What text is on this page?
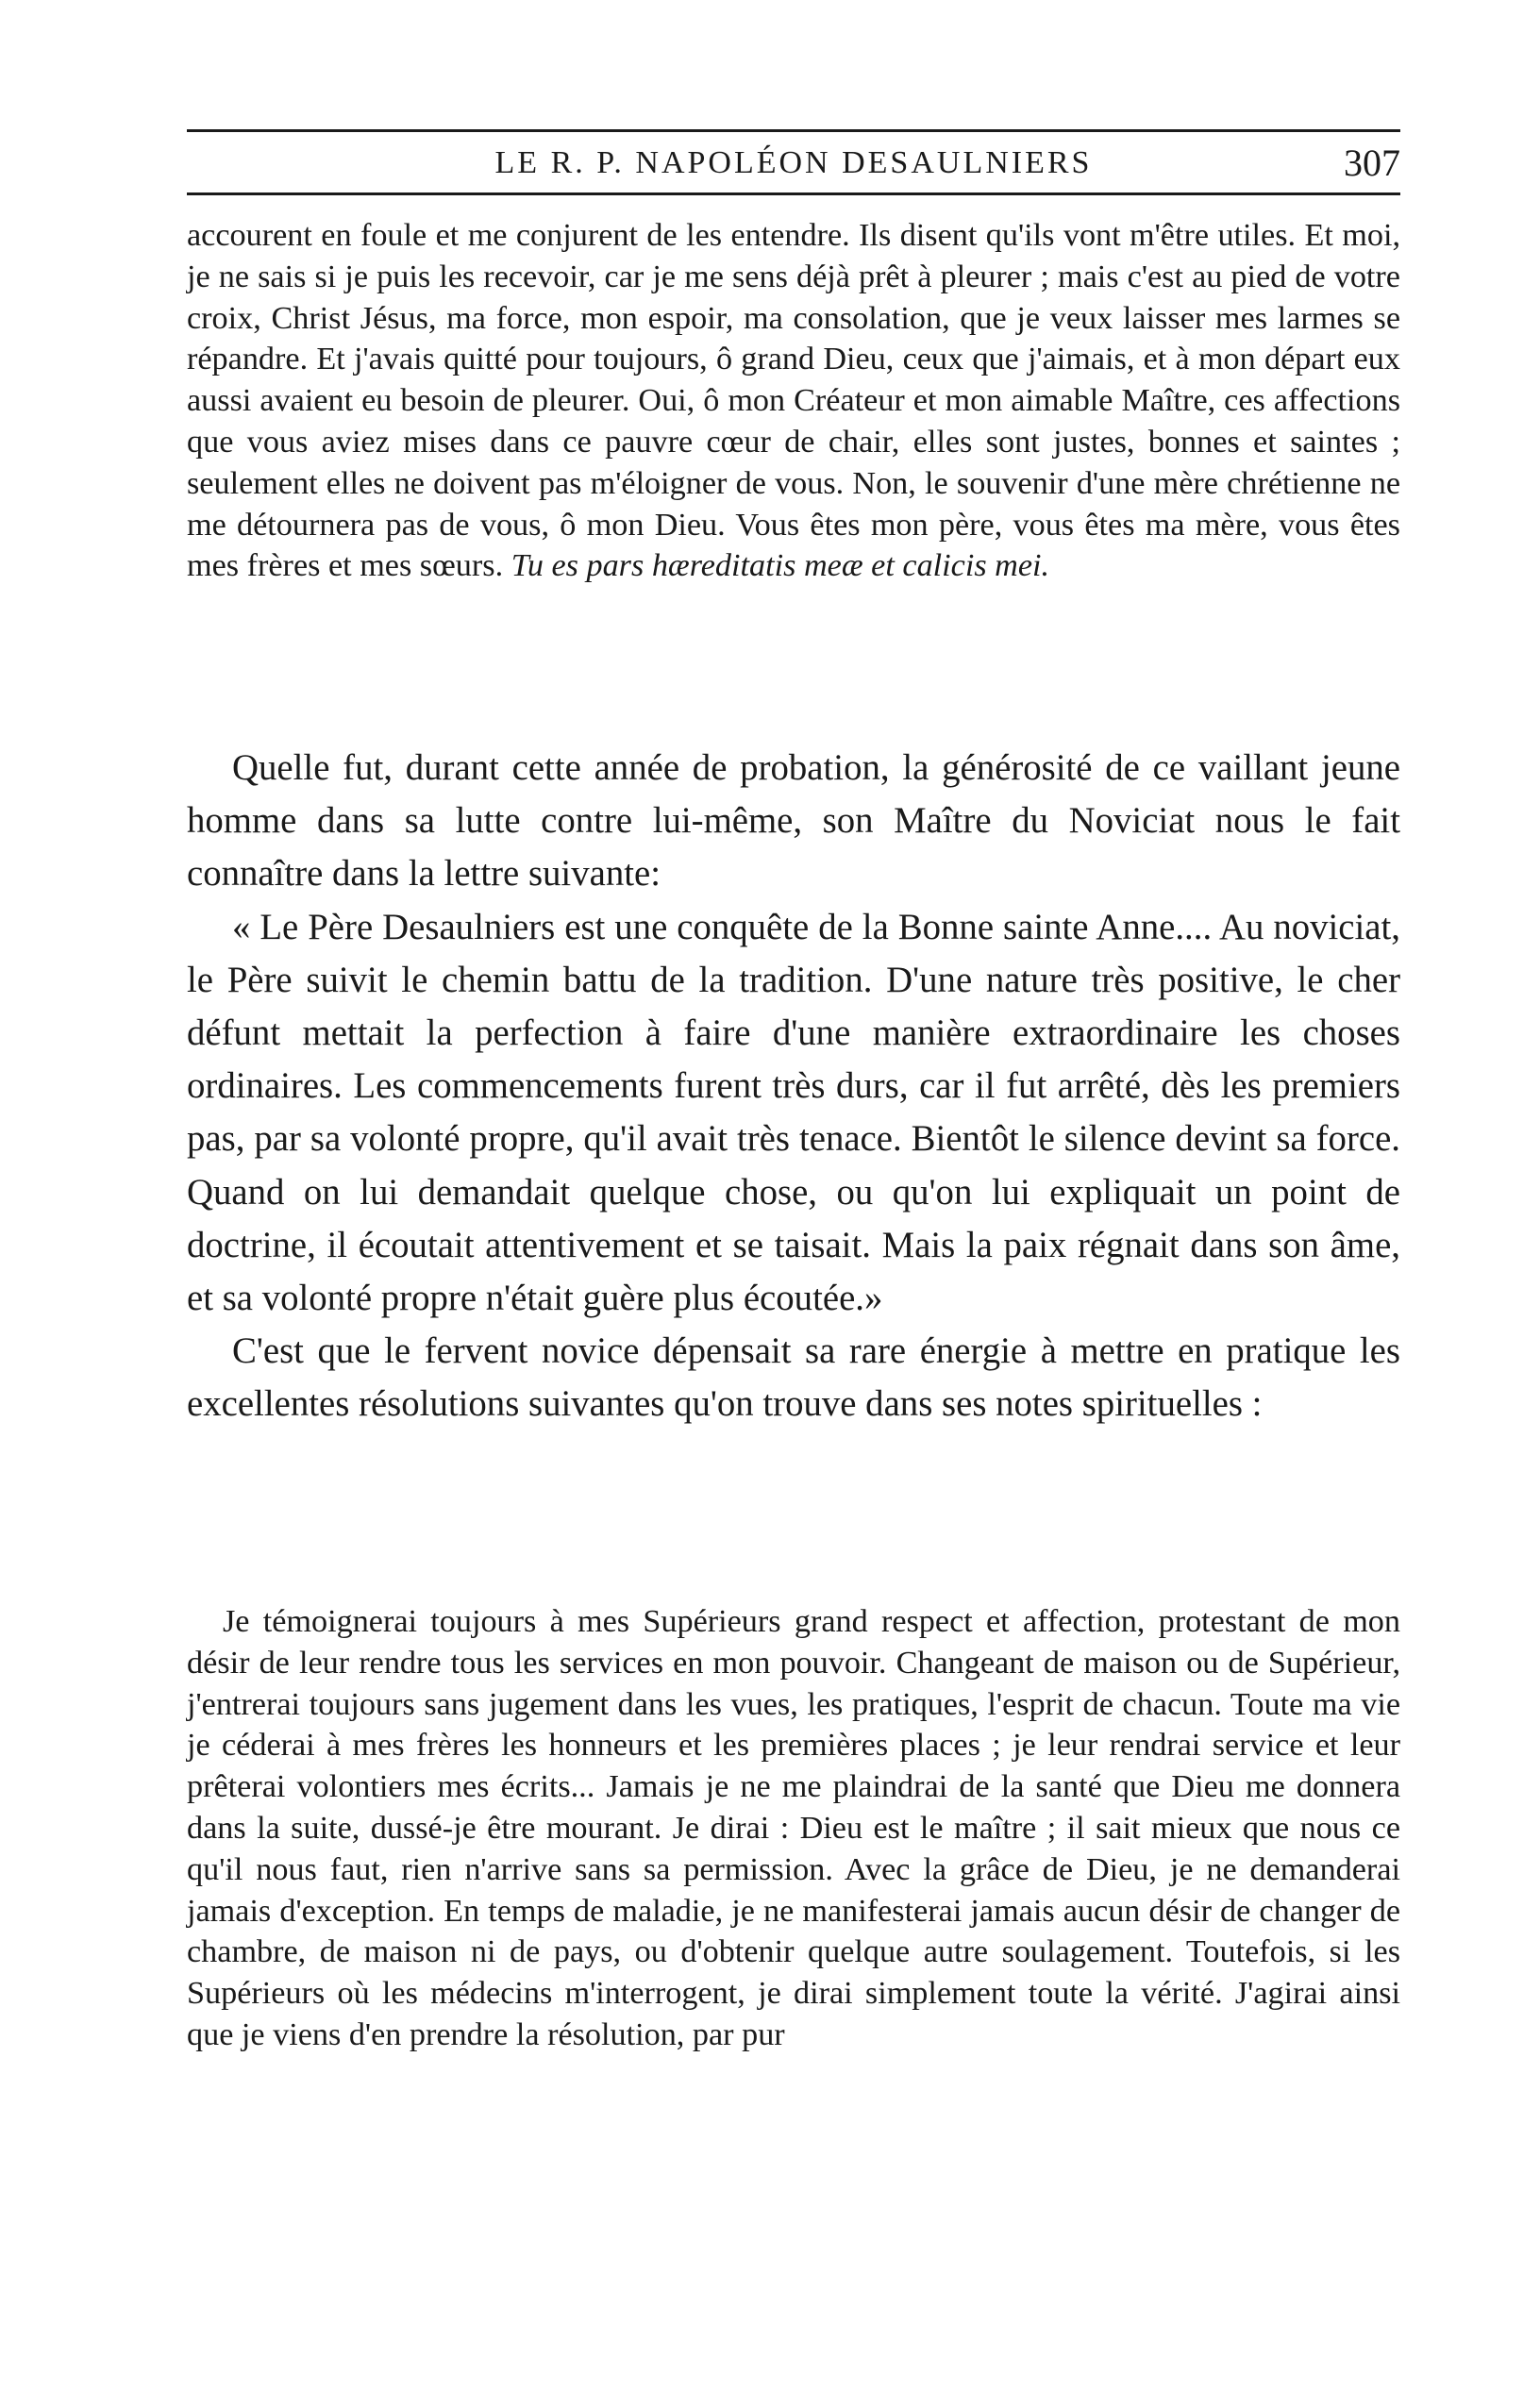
LE R. P. NAPOLÉON DESAULNIERS	307

accourent en foule et me conjurent de les entendre. Ils disent qu'ils vont m'être utiles. Et moi, je ne sais si je puis les recevoir, car je me sens déjà prêt à pleurer ; mais c'est au pied de votre croix, Christ Jésus, ma force, mon espoir, ma consolation, que je veux laisser mes larmes se répandre. Et j'avais quitté pour toujours, ô grand Dieu, ceux que j'aimais, et à mon départ eux aussi avaient eu besoin de pleurer. Oui, ô mon Créateur et mon aimable Maître, ces affections que vous aviez mises dans ce pauvre cœur de chair, elles sont justes, bonnes et saintes ; seulement elles ne doivent pas m'éloigner de vous. Non, le souvenir d'une mère chrétienne ne me détournera pas de vous, ô mon Dieu. Vous êtes mon père, vous êtes ma mère, vous êtes mes frères et mes sœurs. Tu es pars hæreditatis meæ et calicis mei.

Quelle fut, durant cette année de probation, la générosité de ce vaillant jeune homme dans sa lutte contre lui-même, son Maître du Noviciat nous le fait connaître dans la lettre suivante:

« Le Père Desaulniers est une conquête de la Bonne sainte Anne.... Au noviciat, le Père suivit le chemin battu de la tradition. D'une nature très positive, le cher défunt mettait la perfection à faire d'une manière extraordinaire les choses ordinaires. Les commencements furent très durs, car il fut arrêté, dès les premiers pas, par sa volonté propre, qu'il avait très tenace. Bientôt le silence devint sa force. Quand on lui demandait quelque chose, ou qu'on lui expliquait un point de doctrine, il écoutait attentivement et se taisait. Mais la paix régnait dans son âme, et sa volonté propre n'était guère plus écoutée.»

C'est que le fervent novice dépensait sa rare énergie à mettre en pratique les excellentes résolutions suivantes qu'on trouve dans ses notes spirituelles :

Je témoignerai toujours à mes Supérieurs grand respect et affection, protestant de mon désir de leur rendre tous les services en mon pouvoir. Changeant de maison ou de Supérieur, j'entrerai toujours sans jugement dans les vues, les pratiques, l'esprit de chacun. Toute ma vie je céderai à mes frères les honneurs et les premières places ; je leur rendrai service et leur prêterai volontiers mes écrits... Jamais je ne me plaindrai de la santé que Dieu me donnera dans la suite, dussé-je être mourant. Je dirai : Dieu est le maître ; il sait mieux que nous ce qu'il nous faut, rien n'arrive sans sa permission. Avec la grâce de Dieu, je ne demanderai jamais d'exception. En temps de maladie, je ne manifesterai jamais aucun désir de changer de chambre, de maison ni de pays, ou d'obtenir quelque autre soulagement. Toutefois, si les Supérieurs où les médecins m'interrogent, je dirai simplement toute la vérité. J'agirai ainsi que je viens d'en prendre la résolution, par pur
